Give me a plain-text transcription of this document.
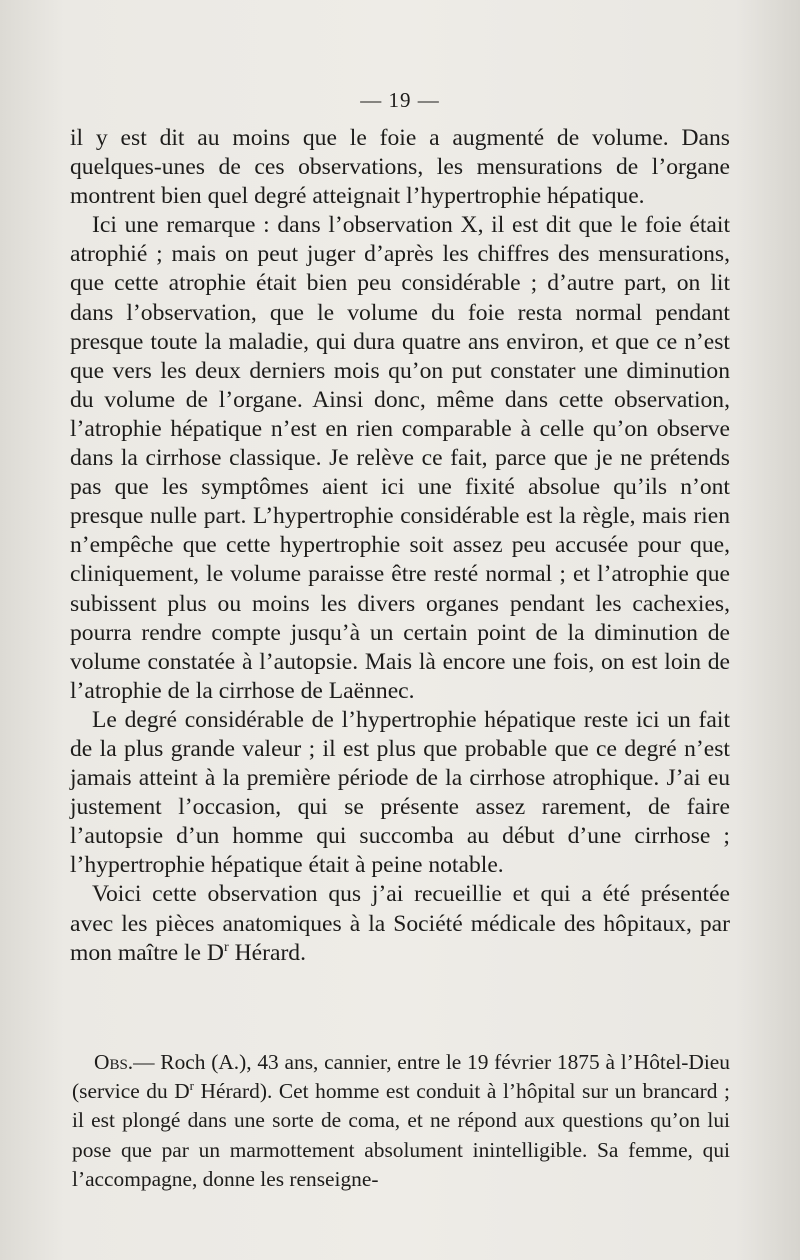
— 19 —

il y est dit au moins que le foie a augmenté de volume. Dans quelques-unes de ces observations, les mensurations de l’organe montrent bien quel degré atteignait l’hypertrophie hépatique.

Ici une remarque : dans l’observation X, il est dit que le foie était atrophié ; mais on peut juger d’après les chiffres des mensurations, que cette atrophie était bien peu considérable ; d’autre part, on lit dans l’observation, que le volume du foie resta normal pendant presque toute la maladie, qui dura quatre ans environ, et que ce n’est que vers les deux derniers mois qu’on put constater une diminution du volume de l’organe. Ainsi donc, même dans cette observation, l’atrophie hépatique n’est en rien comparable à celle qu’on observe dans la cirrhose classique. Je relève ce fait, parce que je ne prétends pas que les symptômes aient ici une fixité absolue qu’ils n’ont presque nulle part. L’hypertrophie considérable est la règle, mais rien n’empêche que cette hypertrophie soit assez peu accusée pour que, cliniquement, le volume paraisse être resté normal ; et l’atrophie que subissent plus ou moins les divers organes pendant les cachexies, pourra rendre compte jusqu’à un certain point de la diminution de volume constatée à l’autopsie. Mais là encore une fois, on est loin de l’atrophie de la cirrhose de Laënnec.

Le degré considérable de l’hypertrophie hépatique reste ici un fait de la plus grande valeur ; il est plus que probable que ce degré n’est jamais atteint à la première période de la cirrhose atrophique. J’ai eu justement l’occasion, qui se présente assez rarement, de faire l’autopsie d’un homme qui succomba au début d’une cirrhose ; l’hypertrophie hépatique était à peine notable.

Voici cette observation qus j’ai recueillie et qui a été présentée avec les pièces anatomiques à la Société médicale des hôpitaux, par mon maître le $D^r$ Hérard.

Obs.— Roch (A.), 43 ans, cannier, entre le 19 février 1875 à l’Hôtel-Dieu (service du $D^r$ Hérard). Cet homme est conduit à l’hôpital sur un brancard ; il est plongé dans une sorte de coma, et ne répond aux questions qu’on lui pose que par un marmottement absolument inintelligible. Sa femme, qui l’accompagne, donne les renseigne-
